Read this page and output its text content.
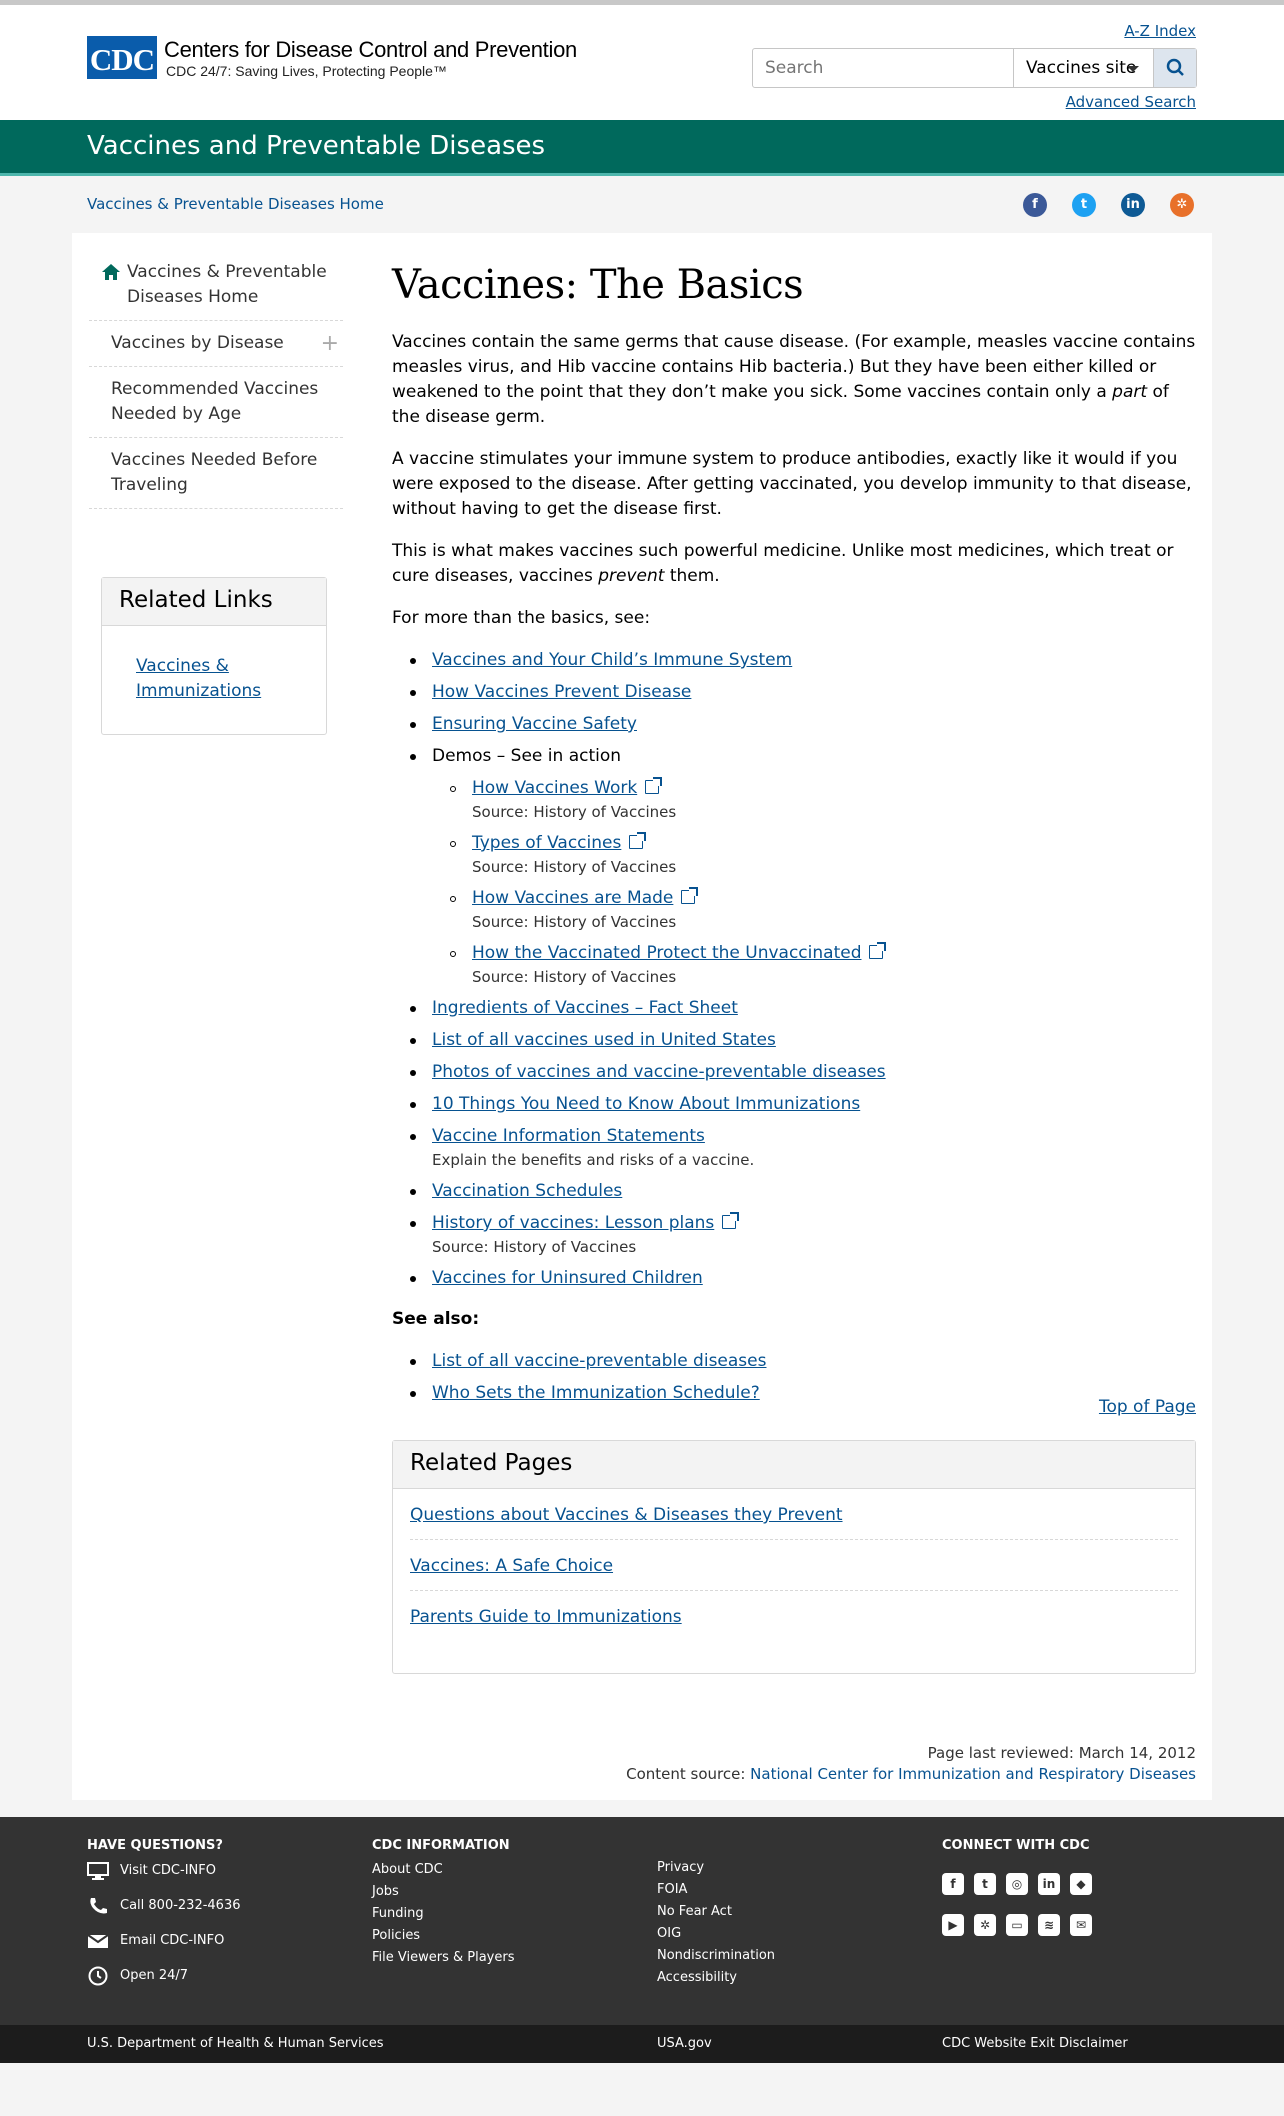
CDC Centers for Disease Control and Prevention
CDC 24/7: Saving Lives, Protecting People™
A-Z Index
Search
Vaccines site
Advanced Search
Vaccines and Preventable Diseases
Vaccines & Preventable Diseases Home	f	t	in	✲
Vaccines & Preventable Diseases Home
Vaccines by Disease +
Recommended Vaccines Needed by Age
Vaccines Needed Before Traveling
Related Links
Vaccines & Immunizations
Vaccines: The Basics

Vaccines contain the same germs that cause disease. (For example, measles vaccine contains measles virus, and Hib vaccine contains Hib bacteria.) But they have been either killed or weakened to the point that they don’t make you sick. Some vaccines contain only a part of the disease germ.

A vaccine stimulates your immune system to produce antibodies, exactly like it would if you were exposed to the disease. After getting vaccinated, you develop immunity to that disease, without having to get the disease first.

This is what makes vaccines such powerful medicine. Unlike most medicines, which treat or cure diseases, vaccines prevent them.

For more than the basics, see:

Vaccines and Your Child’s Immune System
How Vaccines Prevent Disease
Ensuring Vaccine Safety
Demos – See in action
How Vaccines Work
Source: History of Vaccines
Types of Vaccines
Source: History of Vaccines
How Vaccines are Made
Source: History of Vaccines
How the Vaccinated Protect the Unvaccinated
Source: History of Vaccines
Ingredients of Vaccines – Fact Sheet
List of all vaccines used in United States
Photos of vaccines and vaccine-preventable diseases
10 Things You Need to Know About Immunizations
Vaccine Information Statements
Explain the benefits and risks of a vaccine.
Vaccination Schedules
History of vaccines: Lesson plans
Source: History of Vaccines
Vaccines for Uninsured Children

See also:

List of all vaccine-preventable diseases
Who Sets the Immunization Schedule?
Top of Page
Related Pages
Questions about Vaccines & Diseases they Prevent
Vaccines: A Safe Choice
Parents Guide to Immunizations
Page last reviewed: March 14, 2012
Content source: National Center for Immunization and Respiratory Diseases
HAVE QUESTIONS?
Visit CDC-INFO
Call 800-232-4636
Email CDC-INFO
Open 24/7
CDC INFORMATION
About CDC
Jobs
Funding
Policies
File Viewers & Players
Privacy
FOIA
No Fear Act
OIG
Nondiscrimination
Accessibility
CONNECT WITH CDC
f t ◎ in ◆
▶ ✲ ▭ ≋ ✉
U.S. Department of Health & Human Services	USA.gov	CDC Website Exit Disclaimer
